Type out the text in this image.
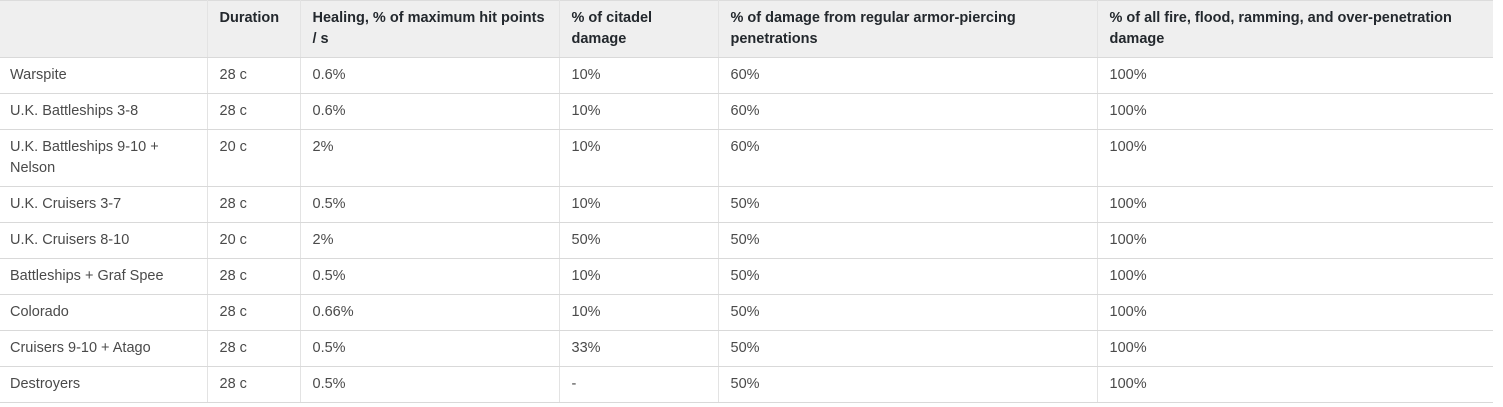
	Duration	Healing, % of maximum hit points / s	% of citadel damage	% of damage from regular armor-piercing penetrations	% of all fire, flood, ramming, and over-penetration damage
Warspite	28 c	0.6%	10%	60%	100%
U.K. Battleships 3-8	28 c	0.6%	10%	60%	100%
U.K. Battleships 9-10 + Nelson	20 c	2%	10%	60%	100%
U.K. Cruisers 3-7	28 c	0.5%	10%	50%	100%
U.K. Cruisers 8-10	20 c	2%	50%	50%	100%
Battleships + Graf Spee	28 c	0.5%	10%	50%	100%
Colorado	28 c	0.66%	10%	50%	100%
Cruisers 9-10 + Atago	28 c	0.5%	33%	50%	100%
Destroyers	28 c	0.5%	-	50%	100%
